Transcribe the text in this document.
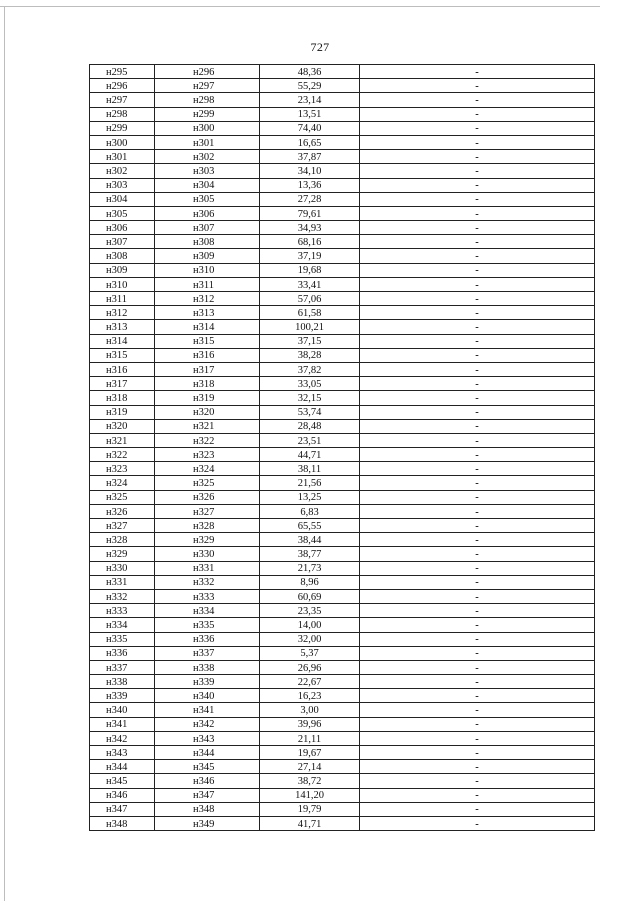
727
н295	н296	48,36	-
н296	н297	55,29	-
н297	н298	23,14	-
н298	н299	13,51	-
н299	н300	74,40	-
н300	н301	16,65	-
н301	н302	37,87	-
н302	н303	34,10	-
н303	н304	13,36	-
н304	н305	27,28	-
н305	н306	79,61	-
н306	н307	34,93	-
н307	н308	68,16	-
н308	н309	37,19	-
н309	н310	19,68	-
н310	н311	33,41	-
н311	н312	57,06	-
н312	н313	61,58	-
н313	н314	100,21	-
н314	н315	37,15	-
н315	н316	38,28	-
н316	н317	37,82	-
н317	н318	33,05	-
н318	н319	32,15	-
н319	н320	53,74	-
н320	н321	28,48	-
н321	н322	23,51	-
н322	н323	44,71	-
н323	н324	38,11	-
н324	н325	21,56	-
н325	н326	13,25	-
н326	н327	6,83	-
н327	н328	65,55	-
н328	н329	38,44	-
н329	н330	38,77	-
н330	н331	21,73	-
н331	н332	8,96	-
н332	н333	60,69	-
н333	н334	23,35	-
н334	н335	14,00	-
н335	н336	32,00	-
н336	н337	5,37	-
н337	н338	26,96	-
н338	н339	22,67	-
н339	н340	16,23	-
н340	н341	3,00	-
н341	н342	39,96	-
н342	н343	21,11	-
н343	н344	19,67	-
н344	н345	27,14	-
н345	н346	38,72	-
н346	н347	141,20	-
н347	н348	19,79	-
н348	н349	41,71	-
